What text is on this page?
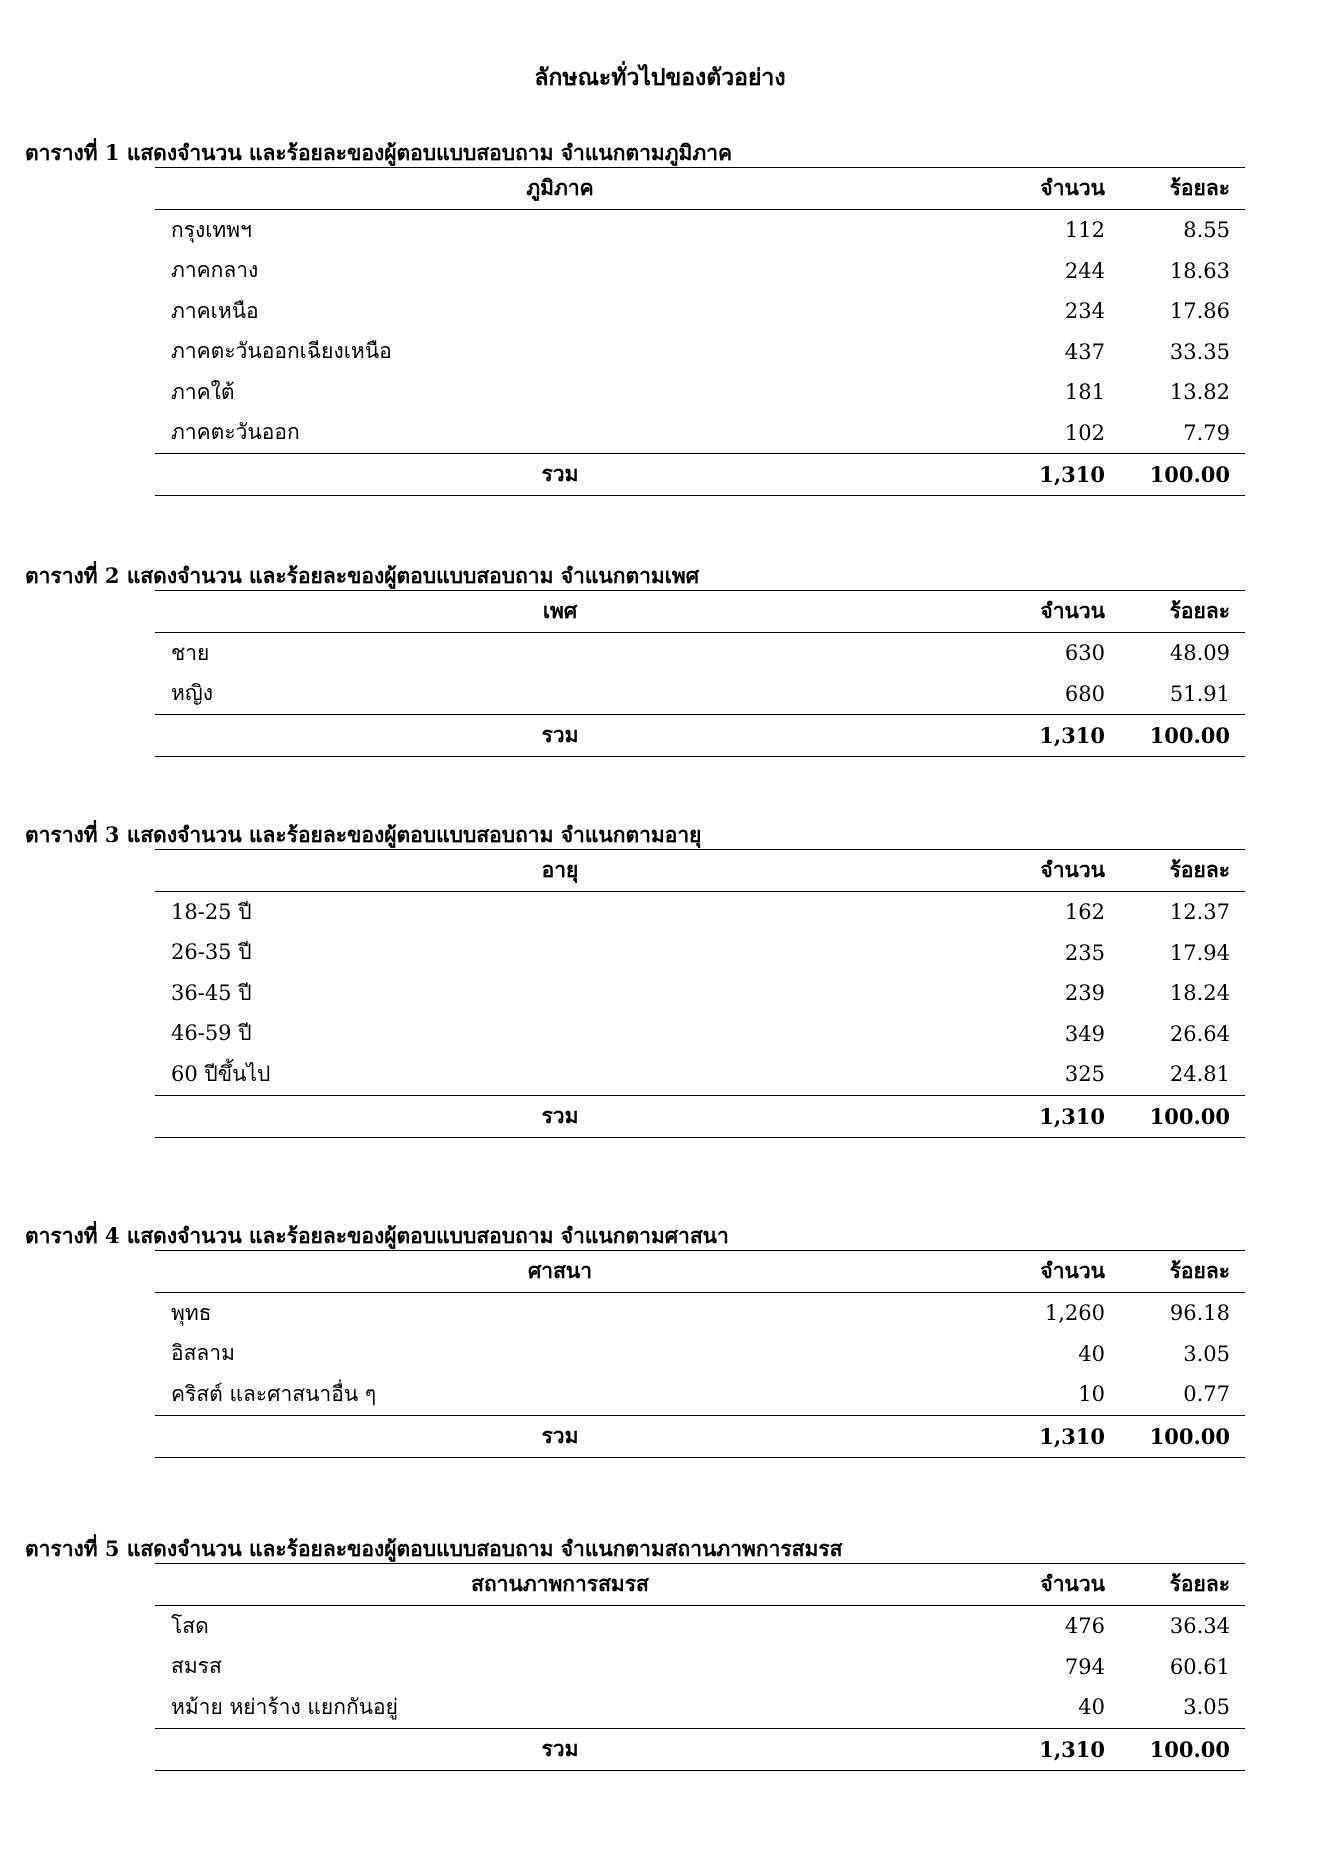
ลักษณะทั่วไปของตัวอย่าง
ตารางที่ 1 แสดงจำนวน และร้อยละของผู้ตอบแบบสอบถาม จำแนกตามภูมิภาค
ภูมิภาค	จำนวน	ร้อยละ
กรุงเทพฯ	112	8.55
ภาคกลาง	244	18.63
ภาคเหนือ	234	17.86
ภาคตะวันออกเฉียงเหนือ	437	33.35
ภาคใต้	181	13.82
ภาคตะวันออก	102	7.79
รวม	1,310	100.00
ตารางที่ 2 แสดงจำนวน และร้อยละของผู้ตอบแบบสอบถาม จำแนกตามเพศ
เพศ	จำนวน	ร้อยละ
ชาย	630	48.09
หญิง	680	51.91
รวม	1,310	100.00
ตารางที่ 3 แสดงจำนวน และร้อยละของผู้ตอบแบบสอบถาม จำแนกตามอายุ
อายุ	จำนวน	ร้อยละ
18-25 ปี	162	12.37
26-35 ปี	235	17.94
36-45 ปี	239	18.24
46-59 ปี	349	26.64
60 ปีขึ้นไป	325	24.81
รวม	1,310	100.00
ตารางที่ 4 แสดงจำนวน และร้อยละของผู้ตอบแบบสอบถาม จำแนกตามศาสนา
ศาสนา	จำนวน	ร้อยละ
พุทธ	1,260	96.18
อิสลาม	40	3.05
คริสต์ และศาสนาอื่น ๆ	10	0.77
รวม	1,310	100.00
ตารางที่ 5 แสดงจำนวน และร้อยละของผู้ตอบแบบสอบถาม จำแนกตามสถานภาพการสมรส
สถานภาพการสมรส	จำนวน	ร้อยละ
โสด	476	36.34
สมรส	794	60.61
หม้าย หย่าร้าง แยกกันอยู่	40	3.05
รวม	1,310	100.00
